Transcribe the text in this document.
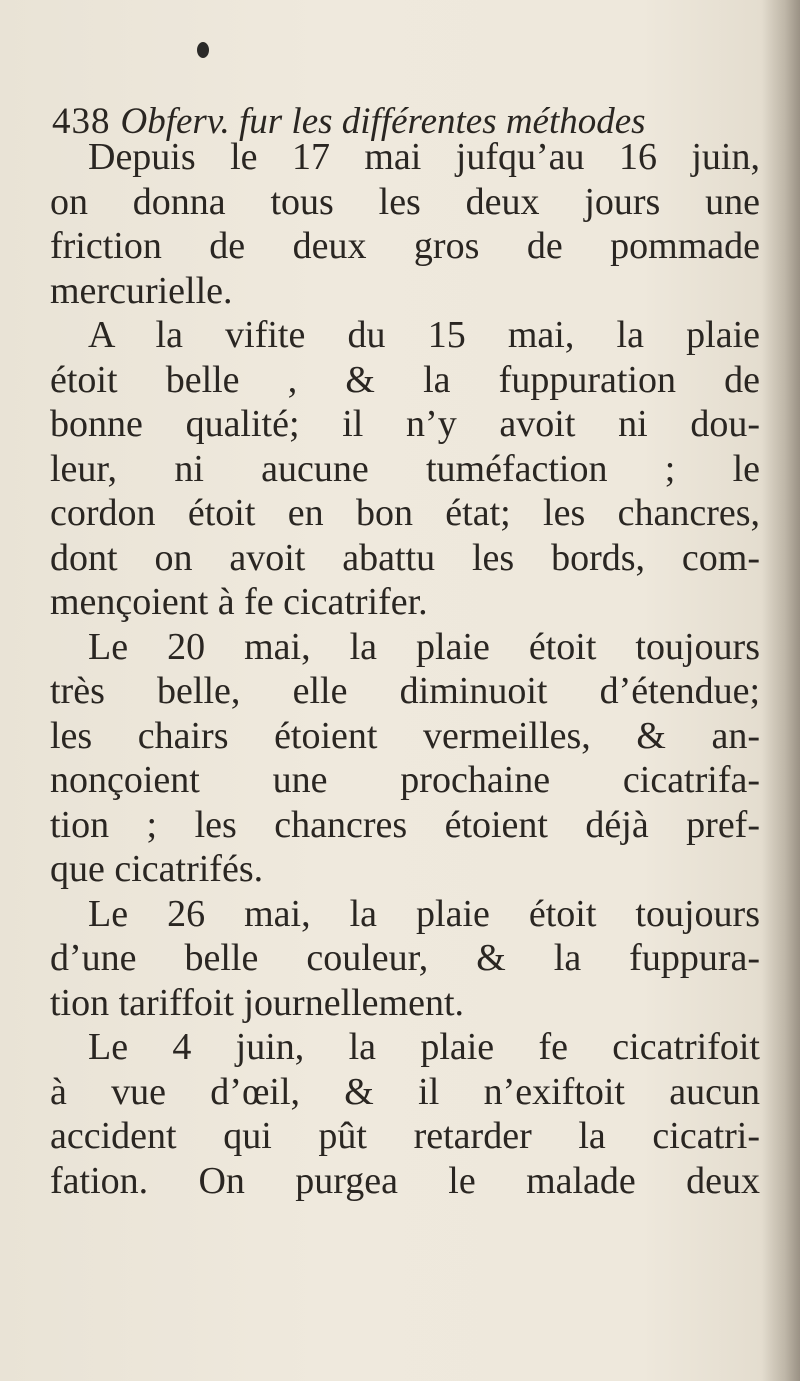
438 Obferv. fur les différentes méthodes
Depuis le 17 mai jufqu’au 16 juin,
on donna tous les deux jours une
friction de deux gros de pommade
mercurielle.
A la vifite du 15 mai, la plaie
étoit belle , & la fuppuration de
bonne qualité; il n’y avoit ni dou-
leur, ni aucune tuméfaction ; le
cordon étoit en bon état; les chancres,
dont on avoit abattu les bords, com-
mençoient à fe cicatrifer.
Le 20 mai, la plaie étoit toujours
très belle, elle diminuoit d’étendue;
les chairs étoient vermeilles, & an-
nonçoient une prochaine cicatrifa-
tion ; les chancres étoient déjà pref-
que cicatrifés.
Le 26 mai, la plaie étoit toujours
d’une belle couleur, & la fuppura-
tion tariffoit journellement.
Le 4 juin, la plaie fe cicatrifoit
à vue d’œil, & il n’exiftoit aucun
accident qui pût retarder la cicatri-
fation. On purgea le malade deux
